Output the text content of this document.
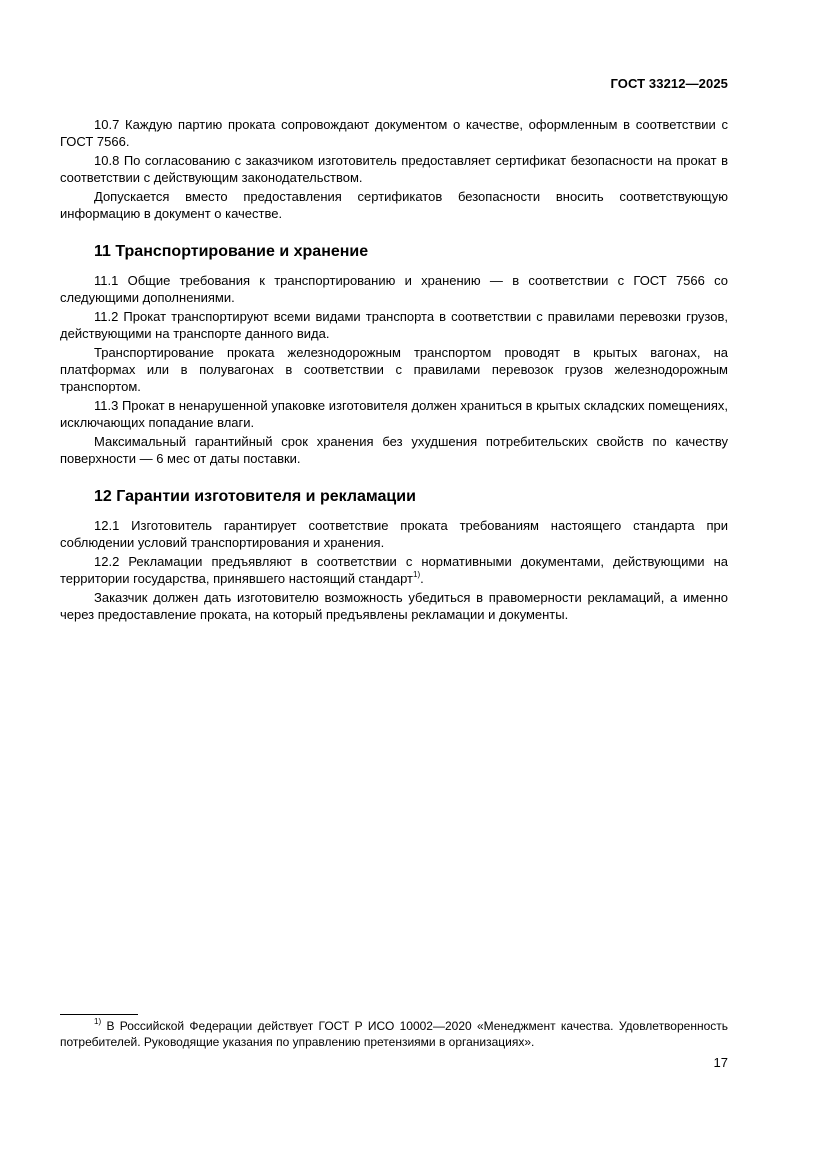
ГОСТ 33212—2025

10.7 Каждую партию проката сопровождают документом о качестве, оформленным в соответствии с ГОСТ 7566.

10.8 По согласованию с заказчиком изготовитель предоставляет сертификат безопасности на прокат в соответствии с действующим законодательством.

Допускается вместо предоставления сертификатов безопасности вносить соответствующую информацию в документ о качестве.

11 Транспортирование и хранение

11.1 Общие требования к транспортированию и хранению — в соответствии с ГОСТ 7566 со следующими дополнениями.

11.2 Прокат транспортируют всеми видами транспорта в соответствии с правилами перевозки грузов, действующими на транспорте данного вида.

Транспортирование проката железнодорожным транспортом проводят в крытых вагонах, на платформах или в полувагонах в соответствии с правилами перевозок грузов железнодорожным транспортом.

11.3 Прокат в ненарушенной упаковке изготовителя должен храниться в крытых складских помещениях, исключающих попадание влаги.

Максимальный гарантийный срок хранения без ухудшения потребительских свойств по качеству поверхности — 6 мес от даты поставки.

12 Гарантии изготовителя и рекламации

12.1 Изготовитель гарантирует соответствие проката требованиям настоящего стандарта при соблюдении условий транспортирования и хранения.

12.2 Рекламации предъявляют в соответствии с нормативными документами, действующими на территории государства, принявшего настоящий стандарт$^{1)}$.

Заказчик должен дать изготовителю возможность убедиться в правомерности рекламаций, а именно через предоставление проката, на который предъявлены рекламации и документы.

$^{1)}$ В Российской Федерации действует ГОСТ Р ИСО 10002—2020 «Менеджмент качества. Удовлетворенность потребителей. Руководящие указания по управлению претензиями в организациях».
17
